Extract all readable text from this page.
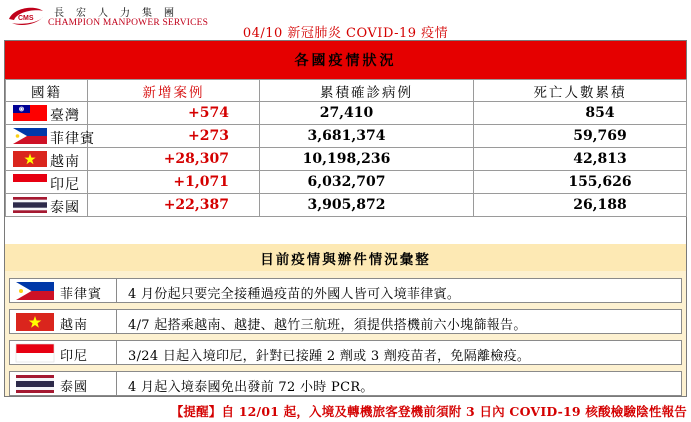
CMS 長宏人力集團
CHAMPION MANPOWER SERVICES
04/10 新冠肺炎 COVID-19 疫情
各國疫情狀況
國籍	新增案例	累積確診病例	死亡人數累積

臺灣	+574	27,410	854

菲律賓	+273	3,681,374	59,769

越南	+28,307	10,198,236	42,813

印尼	+1,071	6,032,707	155,626

泰國	+22,387	3,905,872	26,188
目前疫情與辦件情況彙整
菲律賓 4 月份起只要完全接種過疫苗的外國人皆可入境菲律賓。
越南	4/7 起搭乘越南、越捷、越竹三航班，須提供搭機前六小塊篩報告。
印尼	3/24 日起入境印尼，針對已接踵 2 劑或 3 劑疫苗者，免隔離檢疫。
泰國	4 月起入境泰國免出發前 72 小時 PCR。
【提醒】自 12/01 起，入境及轉機旅客登機前須附 3 日內 COVID-19 核酸檢驗陰性報告
